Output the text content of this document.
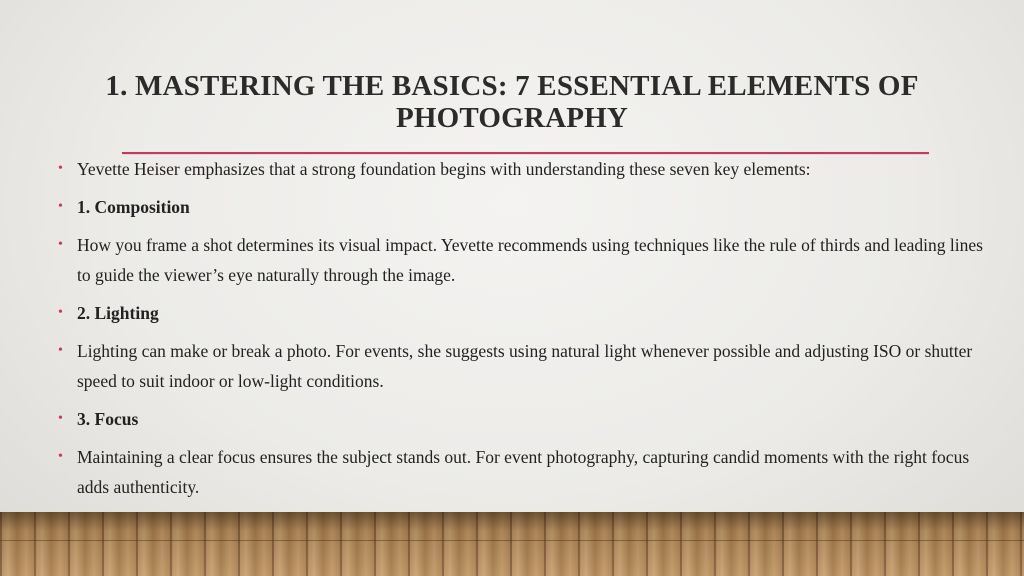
1. MASTERING THE BASICS: 7 ESSENTIAL ELEMENTS OF PHOTOGRAPHY
• Yevette Heiser emphasizes that a strong foundation begins with understanding these seven key elements:
• 1. Composition
• How you frame a shot determines its visual impact. Yevette recommends using techniques like the rule of thirds and leading lines to guide the viewer’s eye naturally through the image.
• 2. Lighting
• Lighting can make or break a photo. For events, she suggests using natural light whenever possible and adjusting ISO or shutter speed to suit indoor or low-light conditions.
• 3. Focus
• Maintaining a clear focus ensures the subject stands out. For event photography, capturing candid moments with the right focus adds authenticity.
